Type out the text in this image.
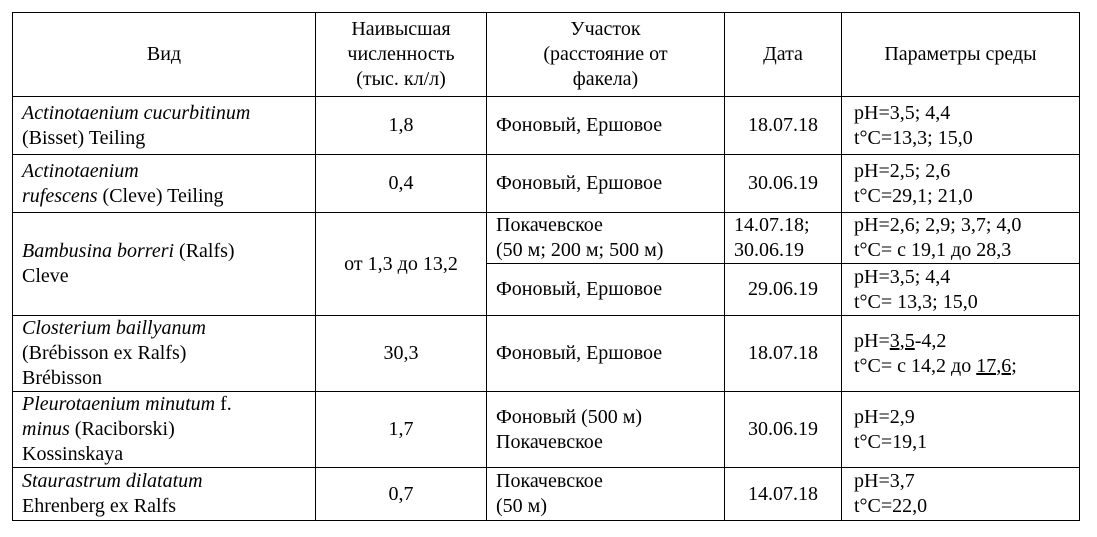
Вид	Наивысшая
численность
(тыс. кл/л)	Участок
(расстояние от
факела)	Дата	Параметры среды

Actinotaenium cucurbitinum
(Bisset) Teiling	1,8	Фоновый, Ершовое	18.07.18	pH=3,5; 4,4
t°C=13,3; 15,0

Actinotaenium
rufescens (Cleve) Teiling	0,4	Фоновый, Ершовое	30.06.19	pH=2,5; 2,6
t°C=29,1; 21,0

Bambusina borreri (Ralfs)
Cleve	от 1,3 до 13,2	Покачевское
(50 м; 200 м; 500 м)	14.07.18;
30.06.19	pH=2,6; 2,9; 3,7; 4,0
t°C= с 19,1 до 28,3

		Фоновый, Ершовое	29.06.19	pH=3,5; 4,4
t°C= 13,3; 15,0

Closterium baillyanum
(Brébisson ex Ralfs)
Brébisson	30,3	Фоновый, Ершовое	18.07.18	pH=3,5-4,2
t°C= с 14,2 до 17,6;

Pleurotaenium minutum f.
minus (Raciborski)
Kossinskaya	1,7	Фоновый (500 м)
Покачевское	30.06.19	pH=2,9
t°C=19,1

Staurastrum dilatatum
Ehrenberg ex Ralfs	0,7	Покачевское
(50 м)	14.07.18	pH=3,7
t°C=22,0
